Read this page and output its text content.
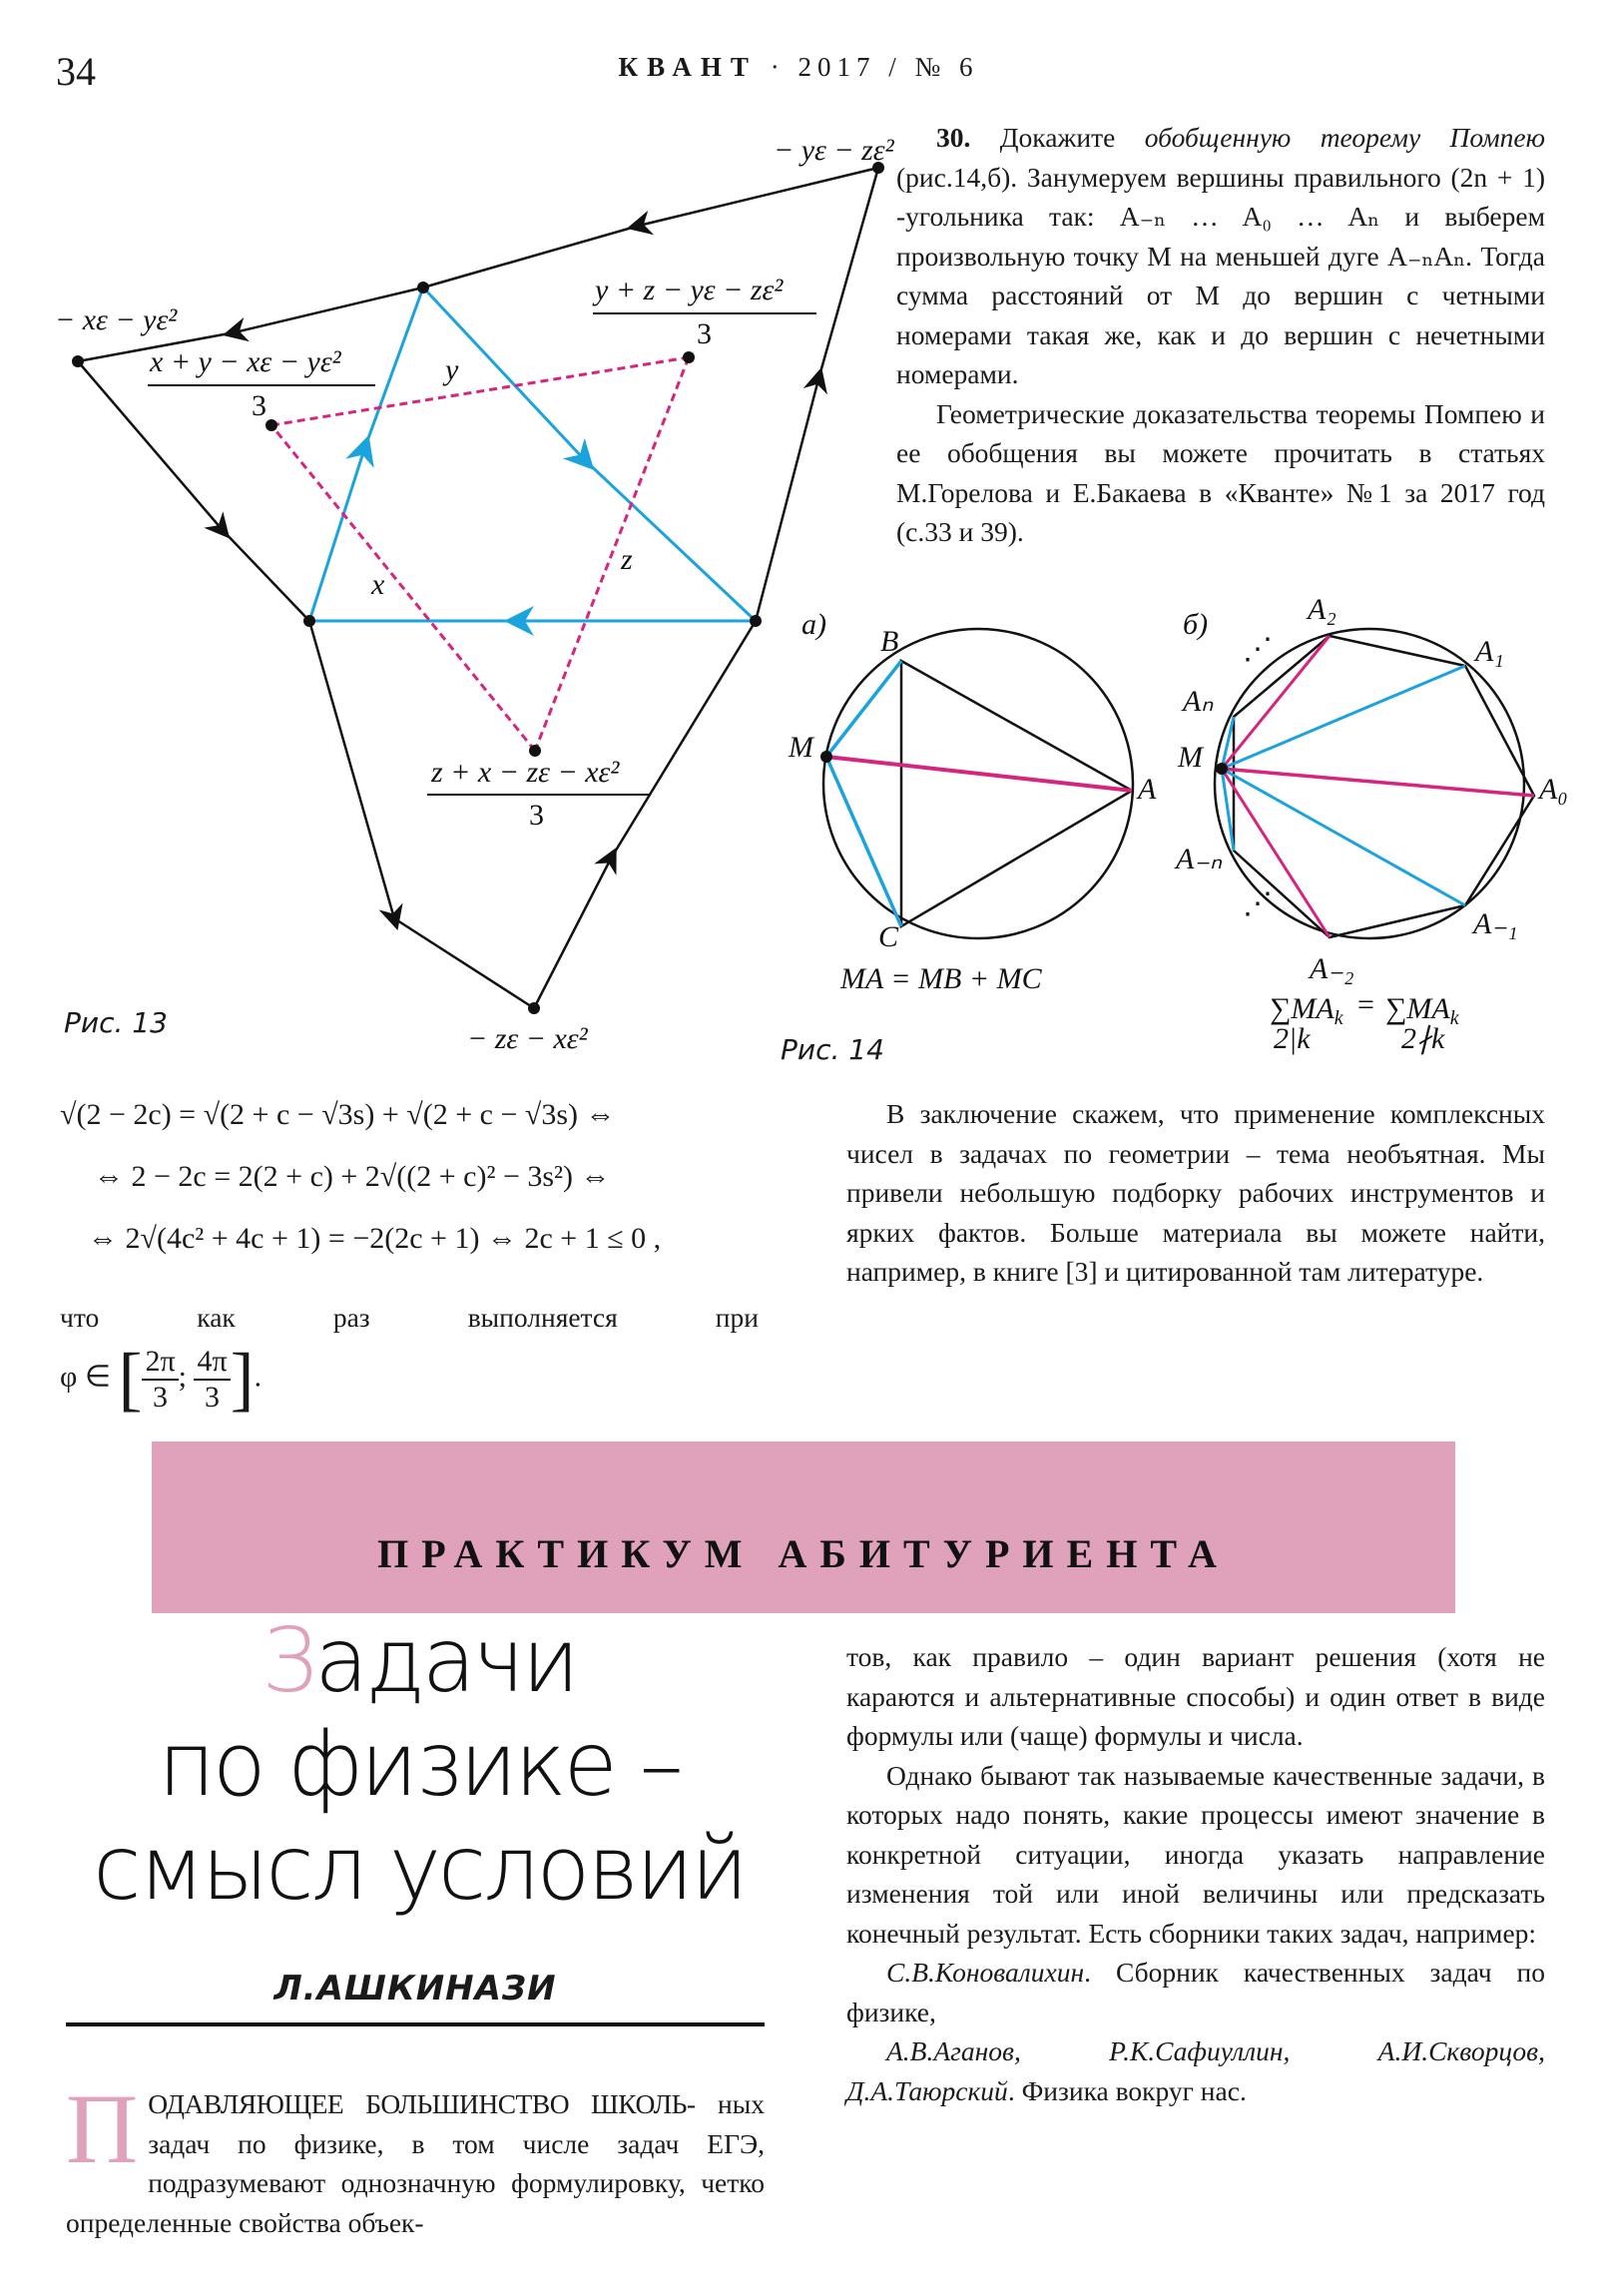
34	КВАНТ · 2017 / № 6
− yε − zε²
− xε − yε²
− zε − xε²
x + y − xε − yε²
3
y + z − yε − zε²
3
z + x − zε − xε²
3
x
y
z
Рис. 13

30. Докажите обобщенную теорему Помпею (рис.14,б). Занумеруем вершины правильного (2n + 1) -угольника так: A₋ₙ … A₀ … Aₙ и выберем произвольную точку M на меньшей дуге A₋ₙAₙ. Тогда сумма расстояний от M до вершин с четными номерами такая же, как и до вершин с нечетными номерами.

Геометрические доказательства теоремы Помпею и ее обобщения вы можете прочитать в статьях М.Горелова и Е.Бакаева в «Кванте» №1 за 2017 год (с.33 и 39).

а)
A
B
C
M
MA = MB + MC
б)	A₂
A₁
A₀
A₋₁
A₋₂
Aₙ
A₋ₙ
M
⋰
⋰
$\sum MA_k = \sum MA_k$
2|k	2∤k
Рис. 14
√(2 − 2c) = √(2 + c − √3s) + √(2 + c − √3s) ⇔
⇔ 2 − 2c = 2(2 + c) + 2√((2 + c)² − 3s²) ⇔
⇔ 2√(4c² + 4c + 1) = −2(2c + 1) ⇔ 2c + 1 ≤ 0 ,
что как раз выполняется при
φ ∈ [ $\frac{2\pi}{3}$ ; $\frac{4\pi}{3}$ ].

В заключение скажем, что применение комплексных чисел в задачах по геометрии – тема необъятная. Мы привели небольшую подборку рабочих инструментов и ярких фактов. Больше материала вы можете найти, например, в книге [3] и цитированной там литературе.

ПРАКТИКУМ АБИТУРИЕНТА
Задачи
по физике –
смысл условий
Л.АШКИНАЗИ
П ОДАВЛЯЮЩЕЕ БОЛЬШИНСТВО ШКОЛЬ- ных задач по физике, в том числе задач ЕГЭ, подразумевают однозначную формулировку, четко определенные свойства объек-

тов, как правило – один вариант решения (хотя не караются и альтернативные способы) и один ответ в виде формулы или (чаще) формулы и числа.

Однако бывают так называемые качественные задачи, в которых надо понять, какие процессы имеют значение в конкретной ситуации, иногда указать направление изменения той или иной величины или предсказать конечный результат. Есть сборники таких задач, например:

С.В.Коновалихин. Сборник качественных задач по физике,

А.В.Аганов, Р.К.Сафиуллин, А.И.Скворцов, Д.А.Таюрский. Физика вокруг нас.
